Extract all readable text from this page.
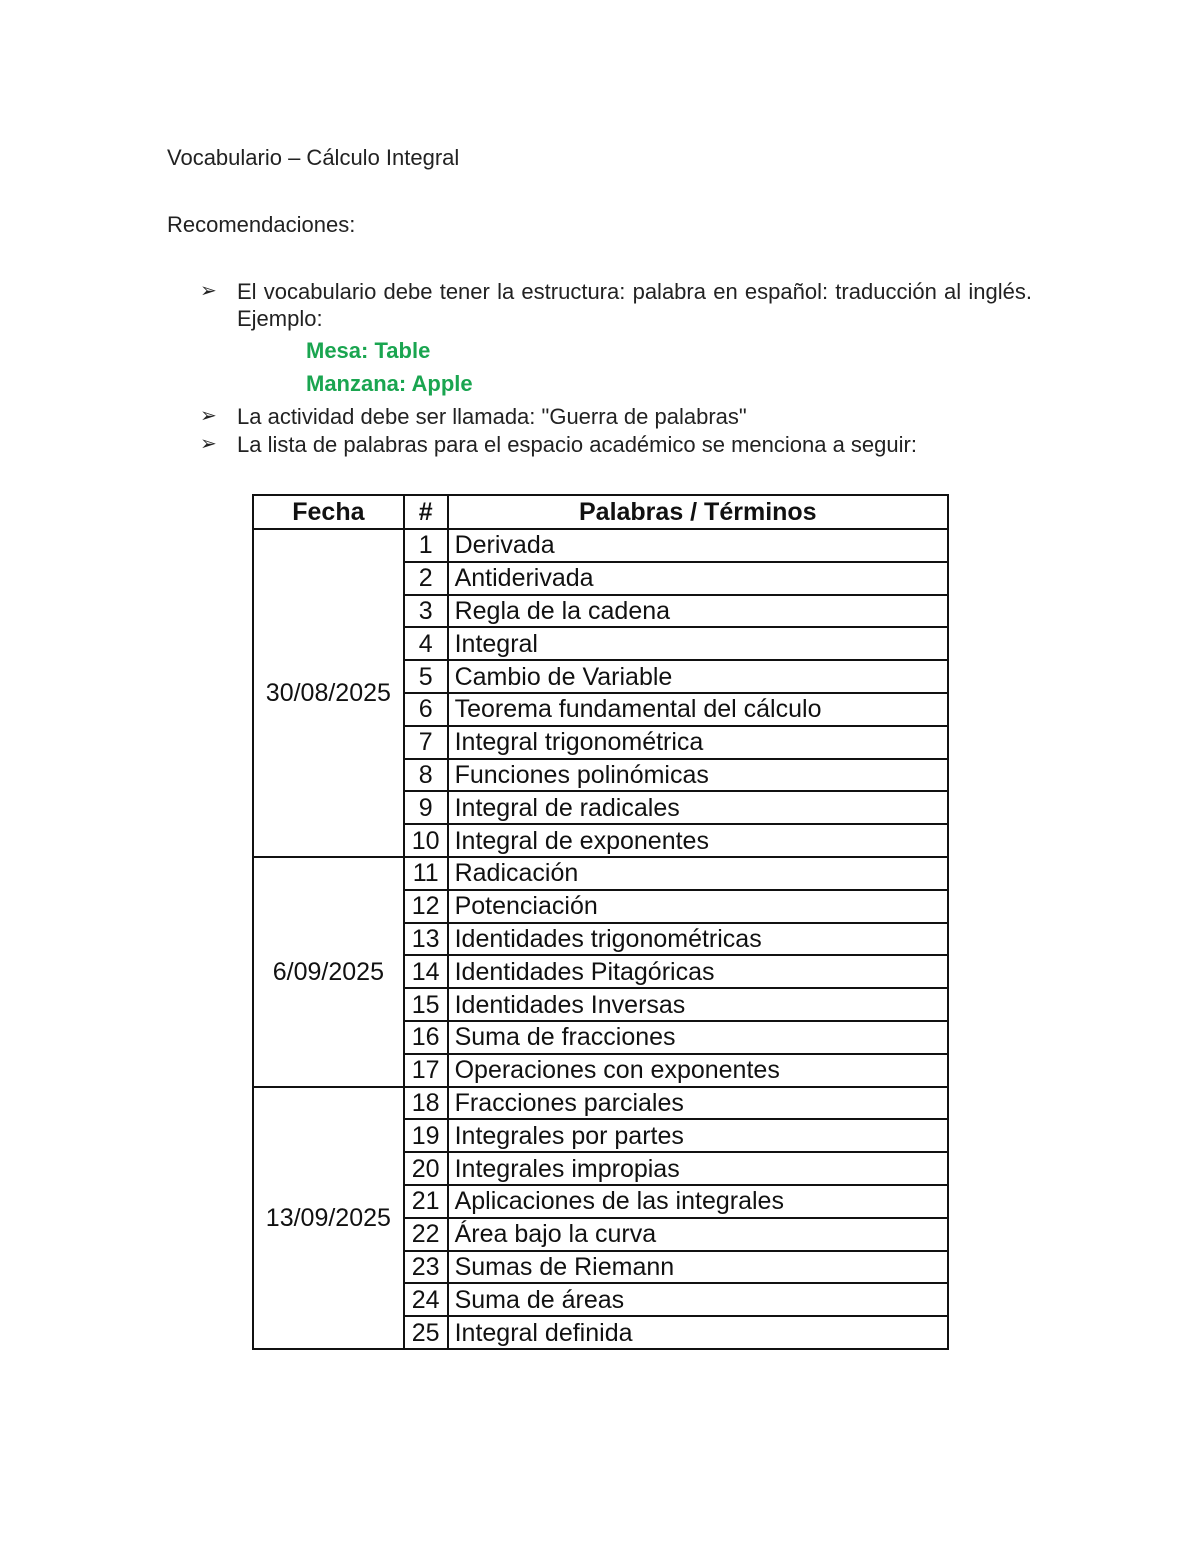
Vocabulario – Cálculo Integral
Recomendaciones:
➢ El vocabulario debe tener la estructura: palabra en español: traducción al inglés. Ejemplo:
Mesa: Table
Manzana: Apple
➢ La actividad debe ser llamada: "Guerra de palabras"
➢ La lista de palabras para el espacio académico se menciona a seguir:
Fecha	#	Palabras / Términos
30/08/2025	1	Derivada
	2	Antiderivada
	3	Regla de la cadena
	4	Integral
	5	Cambio de Variable
	6	Teorema fundamental del cálculo
	7	Integral trigonométrica
	8	Funciones polinómicas
	9	Integral de radicales
	10	Integral de exponentes
6/09/2025	11	Radicación
	12	Potenciación
	13	Identidades trigonométricas
	14	Identidades Pitagóricas
	15	Identidades Inversas
	16	Suma de fracciones
	17	Operaciones con exponentes
13/09/2025	18	Fracciones parciales
	19	Integrales por partes
	20	Integrales impropias
	21	Aplicaciones de las integrales
	22	Área bajo la curva
	23	Sumas de Riemann
	24	Suma de áreas
	25	Integral definida
